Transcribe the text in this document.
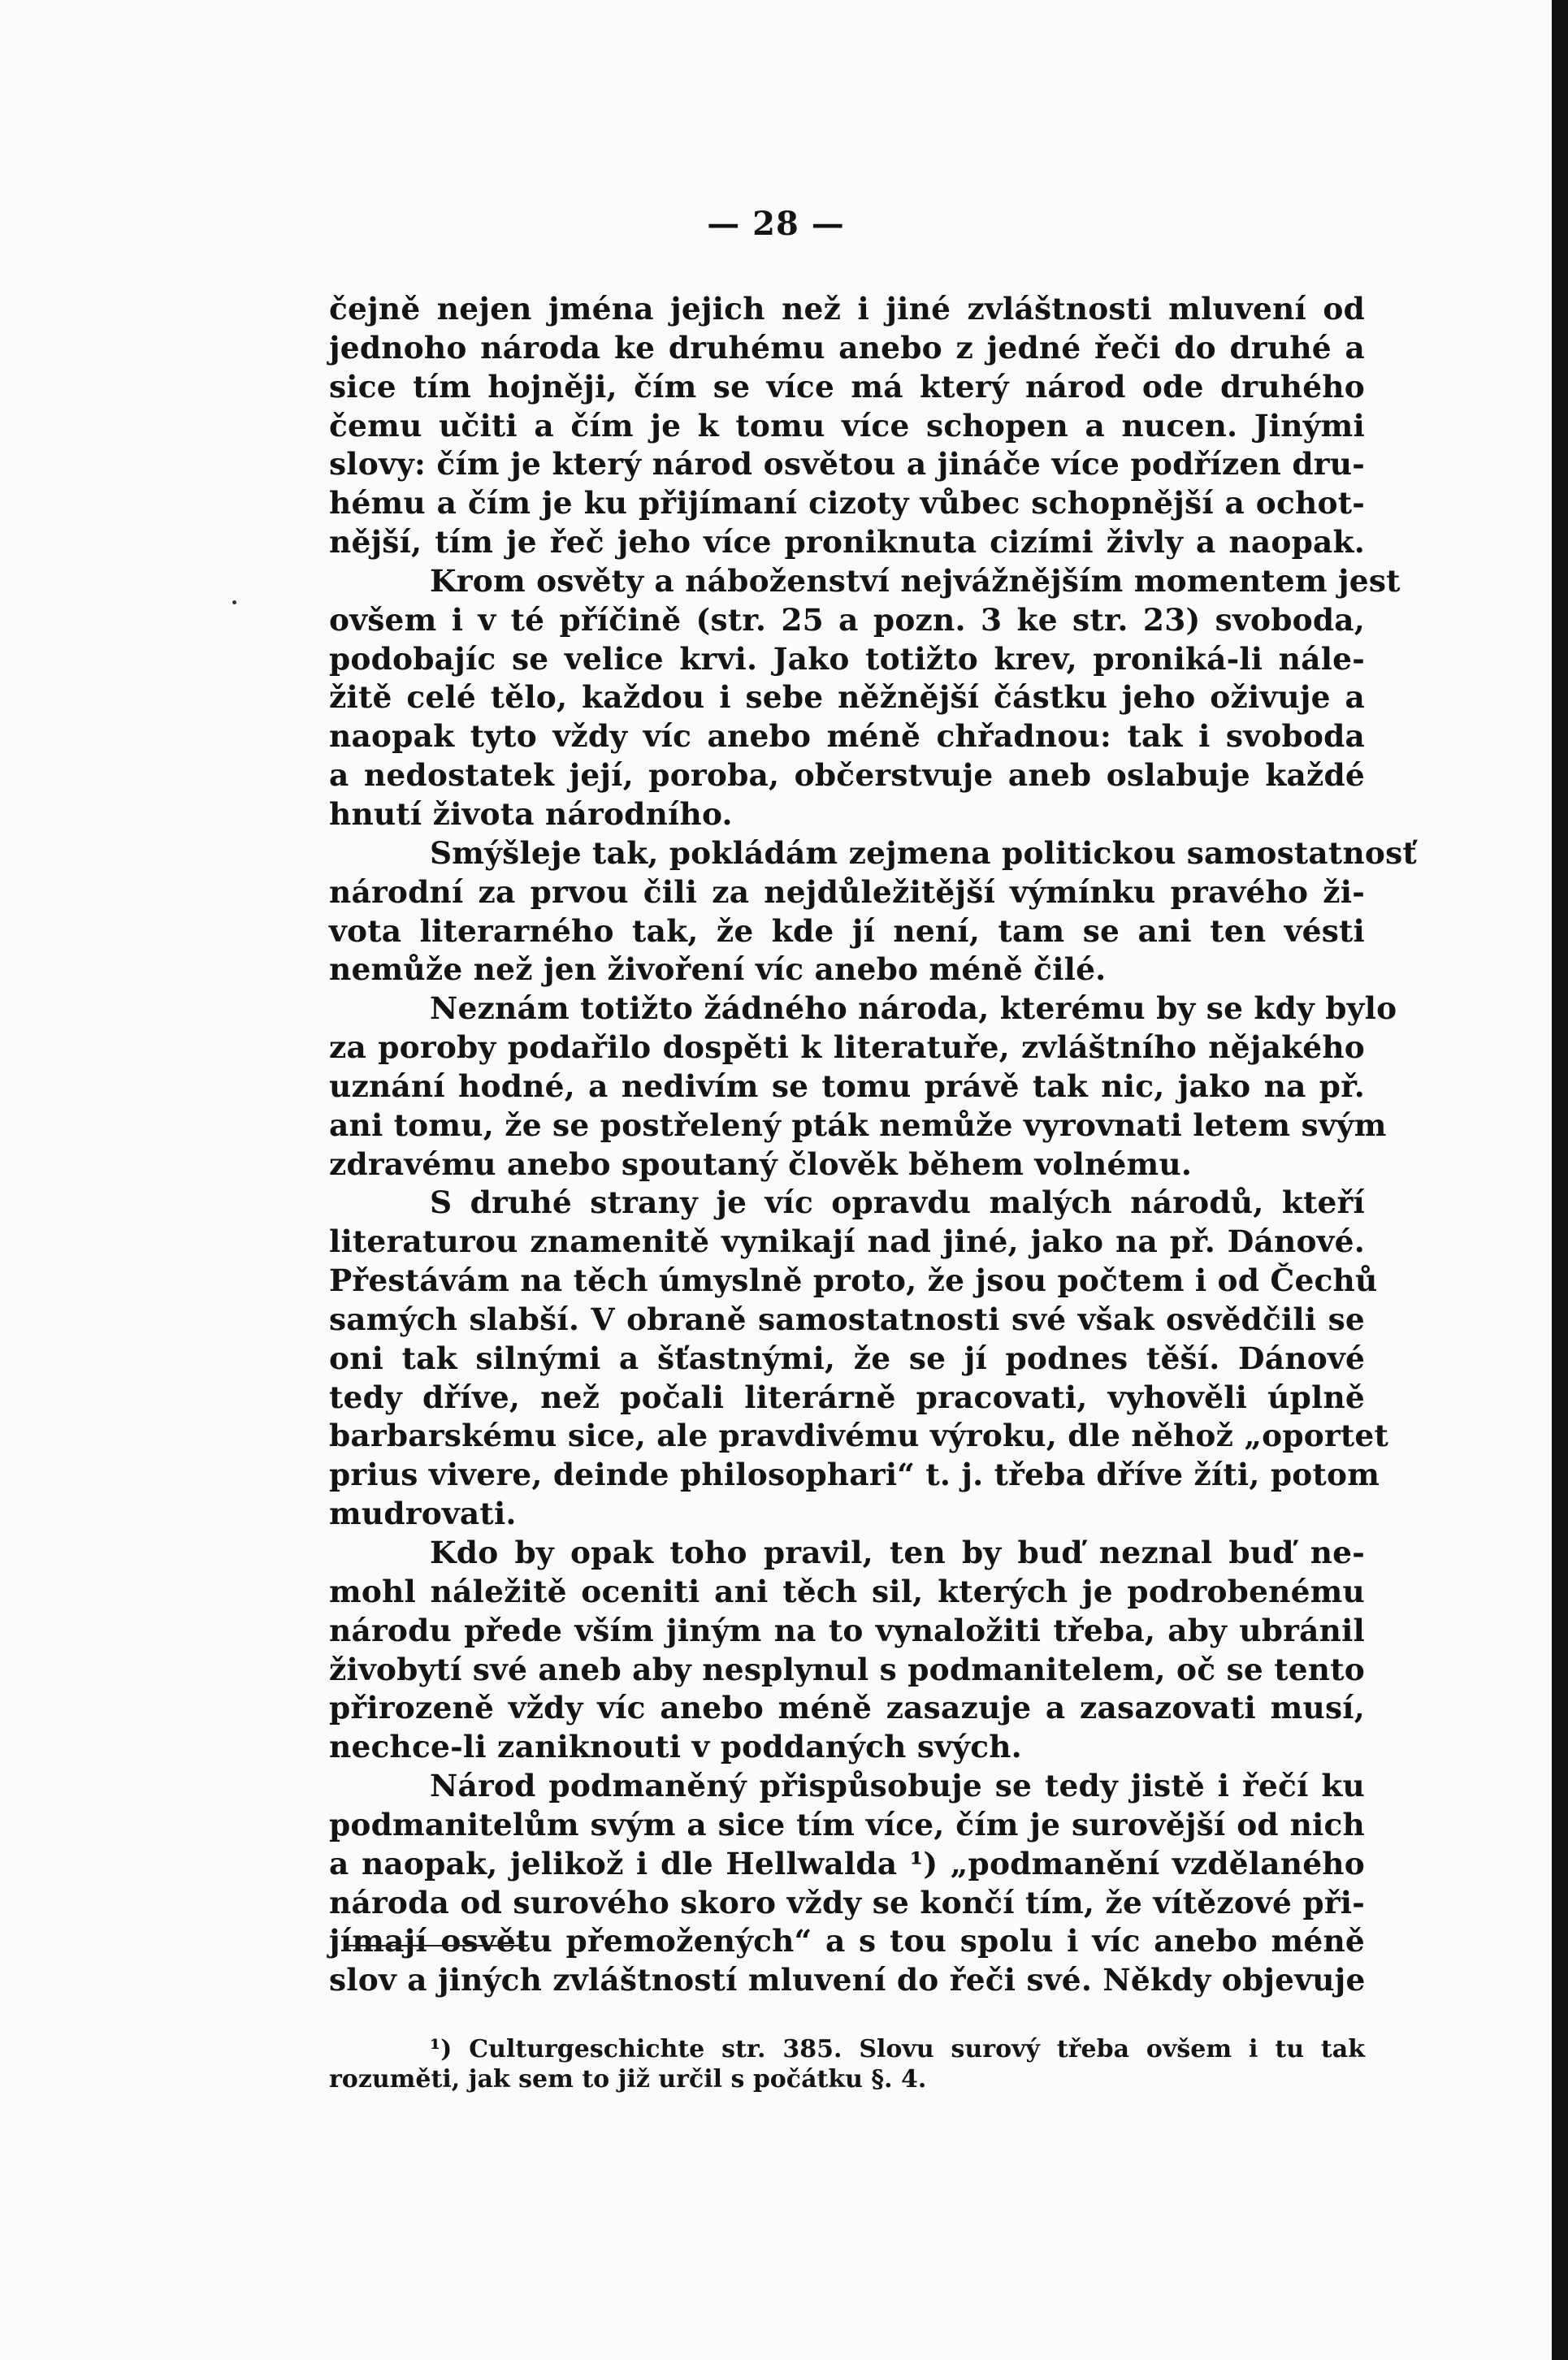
— 28 —
čejně nejen jména jejich než i jiné zvláštnosti mluvení od
jednoho národa ke druhému anebo z jedné řeči do druhé a
sice tím hojněji, čím se více má který národ ode druhého
čemu učiti a čím je k tomu více schopen a nucen. Jinými
slovy: čím je který národ osvětou a jináče více podřízen dru-
hému a čím je ku přijímaní cizoty vůbec schopnější a ochot-
nější, tím je řeč jeho více proniknuta cizími živly a naopak.
Krom osvěty a náboženství nejvážnějším momentem jest
ovšem i v té příčině (str. 25 a pozn. 3 ke str. 23) svoboda,
podobajíc se velice krvi. Jako totižto krev, proniká-li nále-
žitě celé tělo, každou i sebe něžnější částku jeho oživuje a
naopak tyto vždy víc anebo méně chřadnou: tak i svoboda
a nedostatek její, poroba, občerstvuje aneb oslabuje každé
hnutí života národního.
Smýšleje tak, pokládám zejmena politickou samostatnosť
národní za prvou čili za nejdůležitější výmínku pravého ži-
vota literarného tak, že kde jí není, tam se ani ten vésti
nemůže než jen živoření víc anebo méně čilé.
Neznám totižto žádného národa, kterému by se kdy bylo
za poroby podařilo dospěti k literatuře, zvláštního nějakého
uznání hodné, a nedivím se tomu právě tak nic, jako na př.
ani tomu, že se postřelený pták nemůže vyrovnati letem svým
zdravému anebo spoutaný člověk během volnému.
S druhé strany je víc opravdu malých národů, kteří
literaturou znamenitě vynikají nad jiné, jako na př. Dánové.
Přestávám na těch úmyslně proto, že jsou počtem i od Čechů
samých slabší. V obraně samostatnosti své však osvědčili se
oni tak silnými a šťastnými, že se jí podnes těší. Dánové
tedy dříve, než počali literárně pracovati, vyhověli úplně
barbarskému sice, ale pravdivému výroku, dle něhož „oportet
prius vivere, deinde philosophari“ t. j. třeba dříve žíti, potom
mudrovati.
Kdo by opak toho pravil, ten by buď neznal buď ne-
mohl náležitě oceniti ani těch sil, kterých je podrobenému
národu přede vším jiným na to vynaložiti třeba, aby ubránil
živobytí své aneb aby nesplynul s podmanitelem, oč se tento
přirozeně vždy víc anebo méně zasazuje a zasazovati musí,
nechce-li zaniknouti v poddaných svých.
Národ podmaněný přispůsobuje se tedy jistě i řečí ku
podmanitelům svým a sice tím více, čím je surovější od nich
a naopak, jelikož i dle Hellwalda ¹) „podmanění vzdělaného
národa od surového skoro vždy se končí tím, že vítězové při-
jímají osvětu přemožených“ a s tou spolu i víc anebo méně
slov a jiných zvláštností mluvení do řeči své. Někdy objevuje
¹) Culturgeschichte str. 385. Slovu surový třeba ovšem i tu tak
rozuměti, jak sem to již určil s počátku §. 4.
